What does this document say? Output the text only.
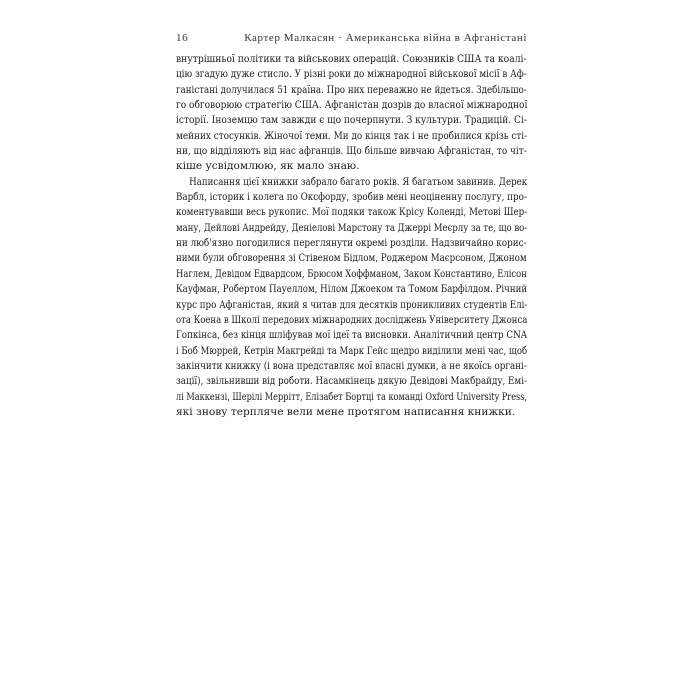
16	Картер Малкасян · Американська війна в Афганістані
внутрішньої політики та військових операцій. Союзників США та коалі-
цію згадую дуже стисло. У різні роки до міжнародної військової місії в Аф-
ганістані долучилася 51 країна. Про них переважно не йдеться. Здебільшо-
го обговорюю стратегію США. Афганістан дозрів до власної міжнародної
історії. Іноземцю там завжди є що почерпнути. З культури. Традицій. Сі-
мейних стосунків. Жіночої теми. Ми до кінця так і не пробилися крізь сті-
ни, що відділяють від нас афганців. Що більше вивчаю Афганістан, то чіт-
кіше усвідомлюю, як мало знаю.
Написання цієї книжки забрало багато років. Я багатьом завинив. Дерек
Варбл, історик і колега по Оксфорду, зробив мені неоціненну послугу, про-
коментувавши весь рукопис. Мої подяки також Крісу Коленді, Метові Шер-
ману, Дейлові Андрейду, Деніелові Марстону та Джеррі Меєрлу за те, що во-
ни люб'язно погодилися переглянути окремі розділи. Надзвичайно корис-
ними були обговорення зі Стівеном Бідлом, Роджером Маєрсоном, Джоном
Наглем, Девідом Едвардсом, Брюсом Хоффманом, Заком Константино, Елісон
Кауфман, Робертом Пауеллом, Нілом Джоеком та Томом Барфілдом. Річний
курс про Афганістан, який я читав для десятків проникливих студентів Елі-
ота Коена в Школі передових міжнародних досліджень Університету Джонса
Гопкінса, без кінця шліфував мої ідеї та висновки. Аналітичний центр CNA
і Боб Мюррей, Кетрін Макгрейді та Марк Гейс щедро виділили мені час, щоб
закінчити книжку (і вона представляє мої власні думки, а не якоїсь органі-
зації), звільнивши від роботи. Насамкінець дякую Девідові Макбрайду, Емі-
лі Маккензі, Шерілі Меррітт, Елізабет Бортці та команді Oxford University Press,
які знову терпляче вели мене протягом написання книжки.
